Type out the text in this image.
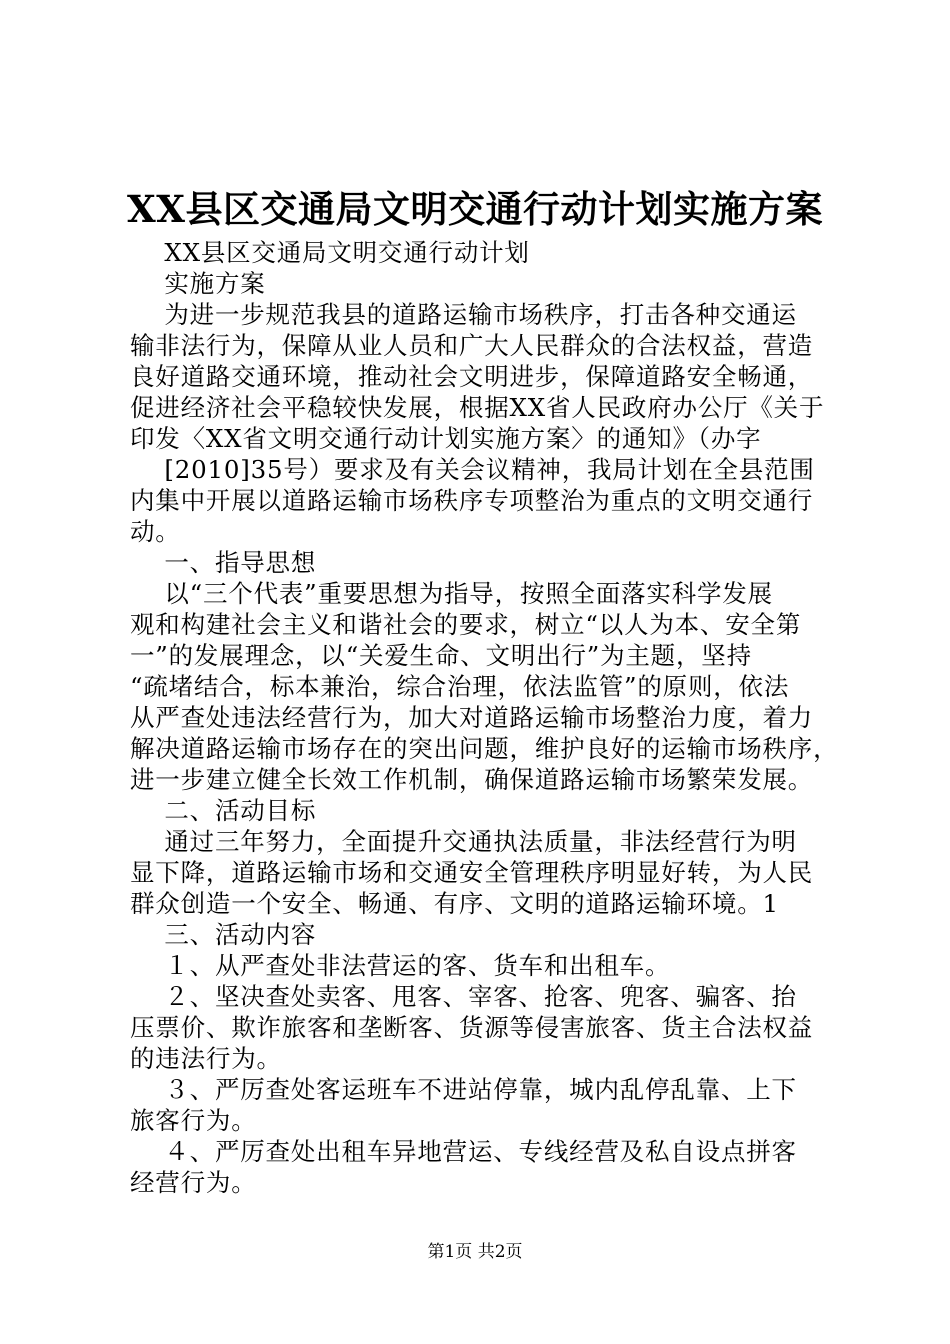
XX县区交通局文明交通行动计划实施方案
XX县区交通局文明交通行动计划
实施方案
为进一步规范我县的道路运输市场秩序，打击各种交通运
输非法行为，保障从业人员和广大人民群众的合法权益，营造
良好道路交通环境，推动社会文明进步，保障道路安全畅通，
促进经济社会平稳较快发展，根据XX省人民政府办公厅《关于
印发〈XX省文明交通行动计划实施方案〉的通知》（办字
[2010]35号）要求及有关会议精神，我局计划在全县范围
内集中开展以道路运输市场秩序专项整治为重点的文明交通行
动。
一、指导思想
以“三个代表”重要思想为指导，按照全面落实科学发展
观和构建社会主义和谐社会的要求，树立“以人为本、安全第
一”的发展理念，以“关爱生命、文明出行”为主题，坚持
“疏堵结合，标本兼治，综合治理，依法监管”的原则，依法
从严查处违法经营行为，加大对道路运输市场整治力度，着力
解决道路运输市场存在的突出问题，维护良好的运输市场秩序，
进一步建立健全长效工作机制，确保道路运输市场繁荣发展。
二、活动目标
通过三年努力，全面提升交通执法质量，非法经营行为明
显下降，道路运输市场和交通安全管理秩序明显好转，为人民
群众创造一个安全、畅通、有序、文明的道路运输环境。1
三、活动内容
１、从严查处非法营运的客、货车和出租车。
２、坚决查处卖客、甩客、宰客、抢客、兜客、骗客、抬
压票价、欺诈旅客和垄断客、货源等侵害旅客、货主合法权益
的违法行为。
３、严厉查处客运班车不进站停靠，城内乱停乱靠、上下
旅客行为。
４、严厉查处出租车异地营运、专线经营及私自设点拼客
经营行为。
第1页 共2页
